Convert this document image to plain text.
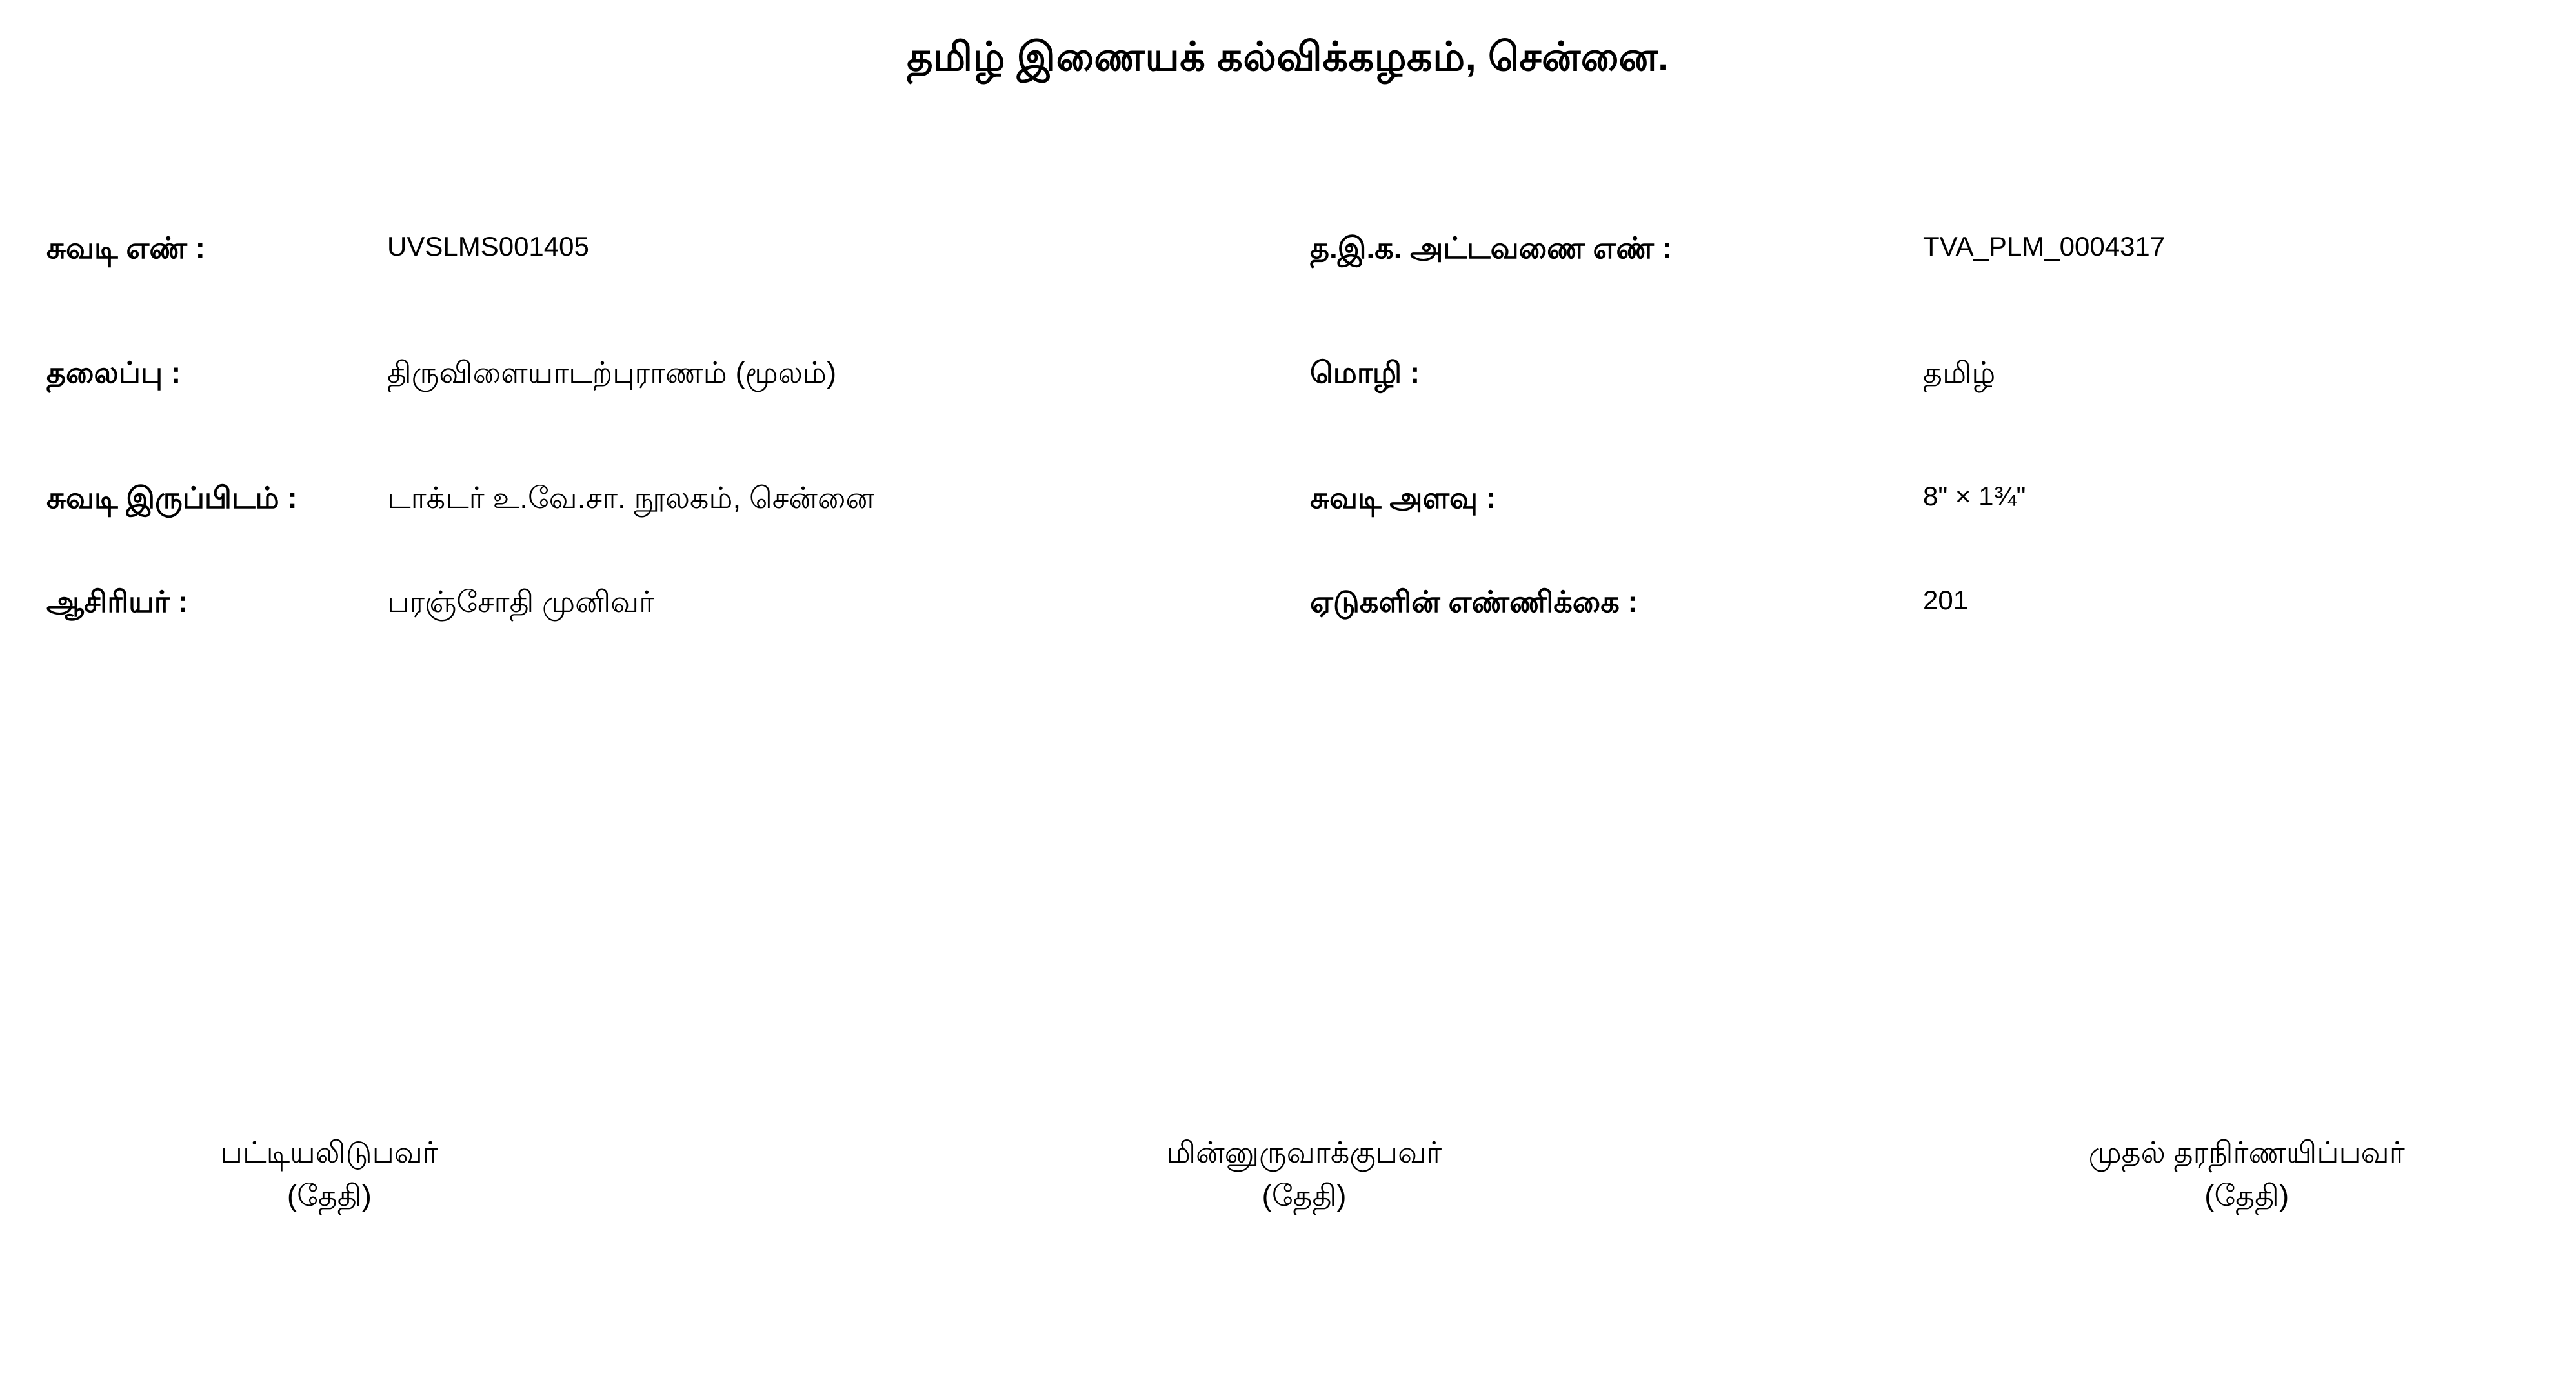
தமிழ் இணையக் கல்விக்கழகம், சென்னை.
சுவடி எண் :	UVSLMS001405	த.இ.க. அட்டவணை எண் :	TVA_PLM_0004317
தலைப்பு :	திருவிளையாடற்புராணம் (மூலம்)	மொழி :	தமிழ்
சுவடி இருப்பிடம் :	டாக்டர் உ.வே.சா. நூலகம், சென்னை	சுவடி அளவு :	8" × 1¾"
ஆசிரியர் :	பரஞ்சோதி முனிவர்	ஏடுகளின் எண்ணிக்கை :	201
பட்டியலிடுபவர்
(தேதி)
மின்னுருவாக்குபவர்
(தேதி)
முதல் தரநிர்ணயிப்பவர்
(தேதி)
